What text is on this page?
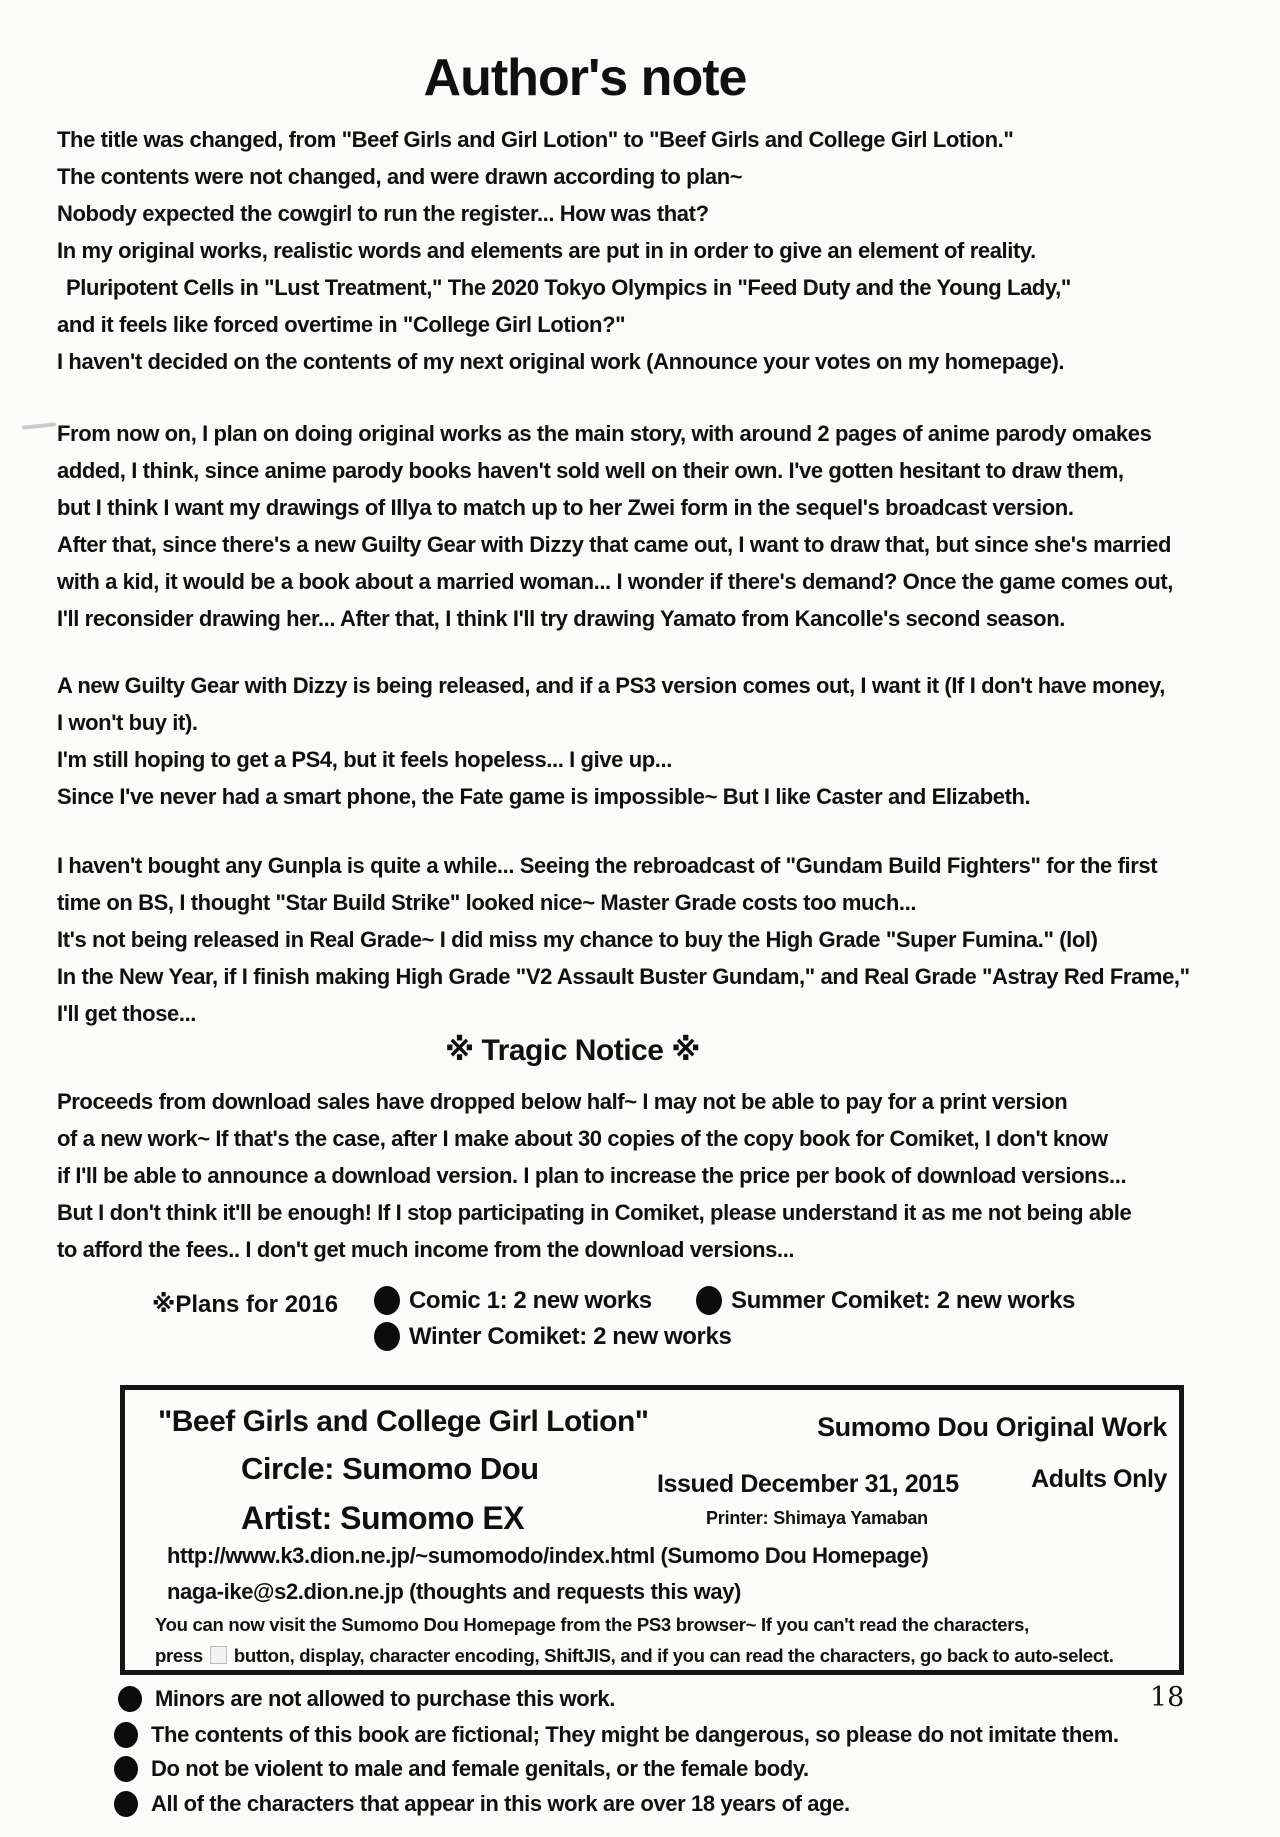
Author's note
The title was changed, from "Beef Girls and Girl Lotion" to "Beef Girls and College Girl Lotion."
The contents were not changed, and were drawn according to plan~
Nobody expected the cowgirl to run the register... How was that?
In my original works, realistic words and elements are put in in order to give an element of reality.
Pluripotent Cells in "Lust Treatment," The 2020 Tokyo Olympics in "Feed Duty and the Young Lady,"
and it feels like forced overtime in "College Girl Lotion?"
I haven't decided on the contents of my next original work (Announce your votes on my homepage).
From now on, I plan on doing original works as the main story, with around 2 pages of anime parody omakes
added, I think, since anime parody books haven't sold well on their own. I've gotten hesitant to draw them,
but I think I want my drawings of Illya to match up to her Zwei form in the sequel's broadcast version.
After that, since there's a new Guilty Gear with Dizzy that came out, I want to draw that, but since she's married
with a kid, it would be a book about a married woman... I wonder if there's demand? Once the game comes out,
I'll reconsider drawing her... After that, I think I'll try drawing Yamato from Kancolle's second season.
A new Guilty Gear with Dizzy is being released, and if a PS3 version comes out, I want it (If I don't have money,
I won't buy it).
I'm still hoping to get a PS4, but it feels hopeless... I give up...
Since I've never had a smart phone, the Fate game is impossible~ But I like Caster and Elizabeth.
I haven't bought any Gunpla is quite a while... Seeing the rebroadcast of "Gundam Build Fighters" for the first
time on BS, I thought "Star Build Strike" looked nice~ Master Grade costs too much...
It's not being released in Real Grade~ I did miss my chance to buy the High Grade "Super Fumina." (lol)
In the New Year, if I finish making High Grade "V2 Assault Buster Gundam," and Real Grade "Astray Red Frame,"
I'll get those...
※ Tragic Notice ※
Proceeds from download sales have dropped below half~ I may not be able to pay for a print version
of a new work~ If that's the case, after I make about 30 copies of the copy book for Comiket, I don't know
if I'll be able to announce a download version. I plan to increase the price per book of download versions...
But I don't think it'll be enough! If I stop participating in Comiket, please understand it as me not being able
to afford the fees.. I don't get much income from the download versions...
※Plans for 2016	Comic 1: 2 new works	Summer Comiket: 2 new works
Winter Comiket: 2 new works
"Beef Girls and College Girl Lotion"	Sumomo Dou Original Work
Circle: Sumomo Dou	Issued December 31, 2015	Adults Only
Artist: Sumomo EX	Printer: Shimaya Yamaban
http://www.k3.dion.ne.jp/~sumomodo/index.html (Sumomo Dou Homepage)
naga-ike@s2.dion.ne.jp (thoughts and requests this way)
You can now visit the Sumomo Dou Homepage from the PS3 browser~ If you can't read the characters,
press button, display, character encoding, ShiftJIS, and if you can read the characters, go back to auto-select.
18
Minors are not allowed to purchase this work.
The contents of this book are fictional; They might be dangerous, so please do not imitate them.
Do not be violent to male and female genitals, or the female body.
All of the characters that appear in this work are over 18 years of age.
